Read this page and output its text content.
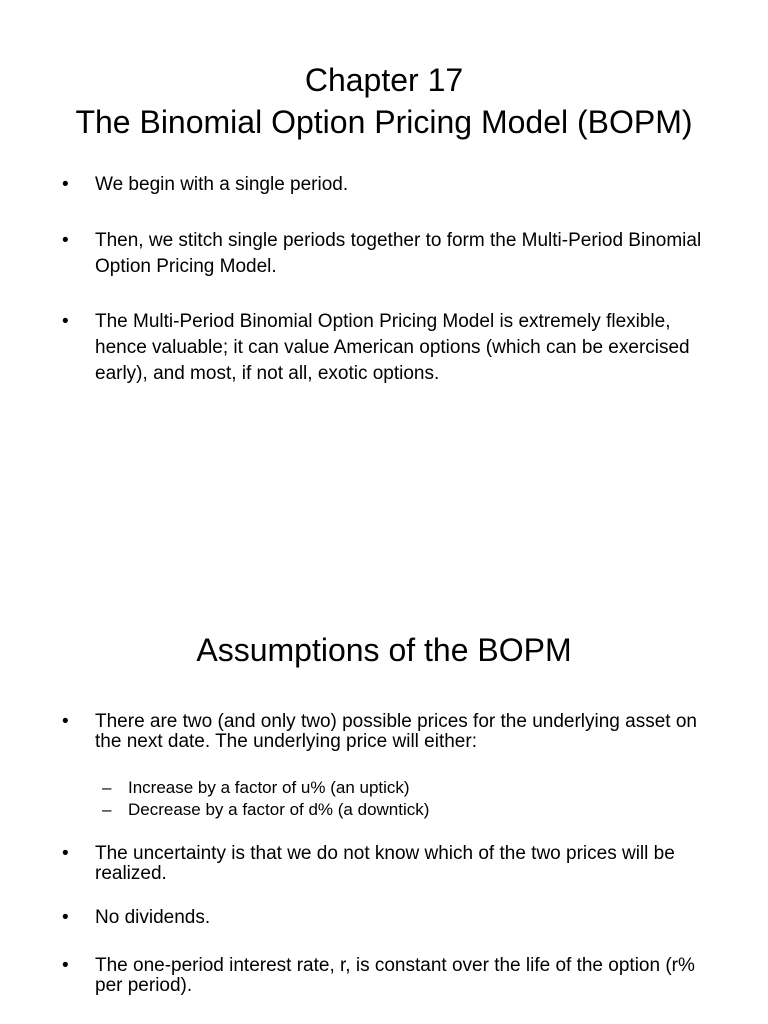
Chapter 17
The Binomial Option Pricing Model (BOPM)
• We begin with a single period.
• Then, we stitch single periods together to form the Multi-Period Binomial Option Pricing Model.
• The Multi-Period Binomial Option Pricing Model is extremely flexible, hence valuable; it can value American options (which can be exercised early), and most, if not all, exotic options.
Assumptions of the BOPM
• There are two (and only two) possible prices for the underlying asset on the next date. The underlying price will either:
– Increase by a factor of u% (an uptick)
– Decrease by a factor of d% (a downtick)
• The uncertainty is that we do not know which of the two prices will be realized.
• No dividends.
• The one-period interest rate, r, is constant over the life of the option (r% per period).
